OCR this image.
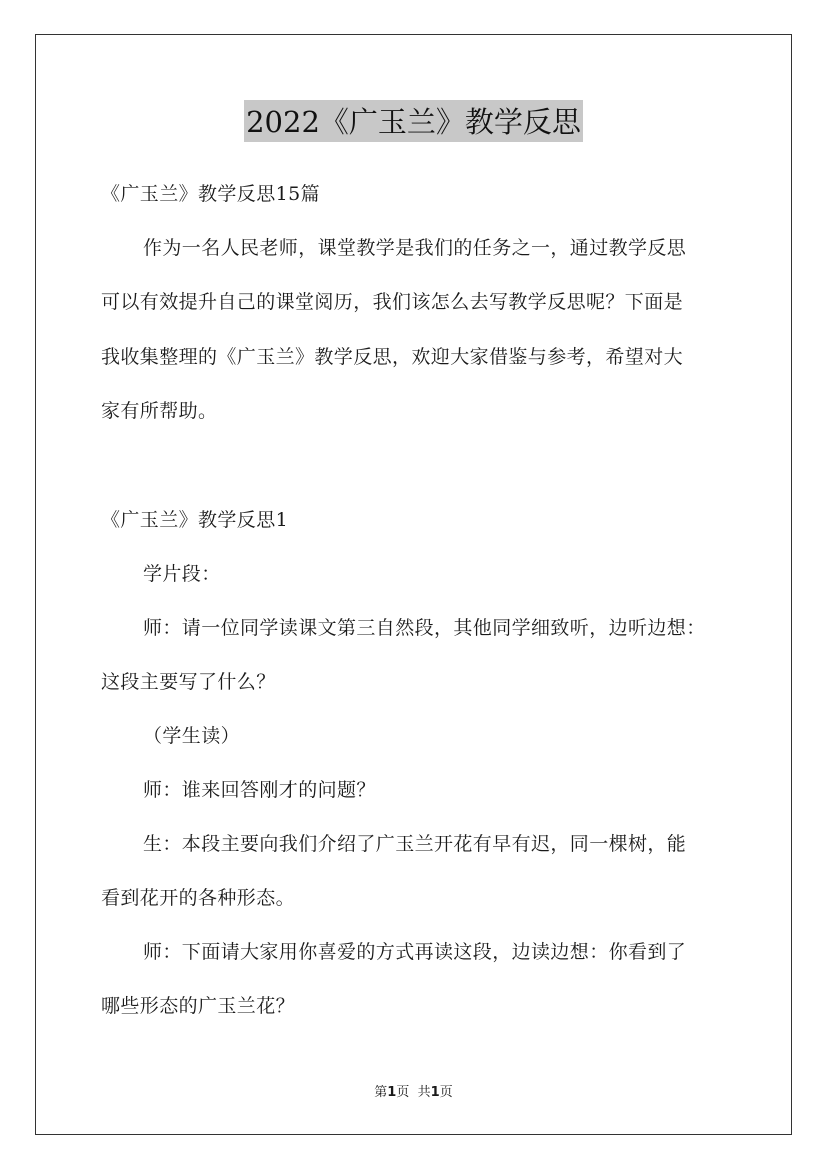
2022《广玉兰》教学反思
《广玉兰》教学反思15篇
作为一名人民老师，课堂教学是我们的任务之一，通过教学反思
可以有效提升自己的课堂阅历，我们该怎么去写教学反思呢？下面是
我收集整理的《广玉兰》教学反思，欢迎大家借鉴与参考，希望对大
家有所帮助。
《广玉兰》教学反思1
学片段：
师：请一位同学读课文第三自然段，其他同学细致听，边听边想：
这段主要写了什么？
（学生读）
师：谁来回答刚才的问题？
生：本段主要向我们介绍了广玉兰开花有早有迟，同一棵树，能
看到花开的各种形态。
师：下面请大家用你喜爱的方式再读这段，边读边想：你看到了
哪些形态的广玉兰花？
第1页 共1页
